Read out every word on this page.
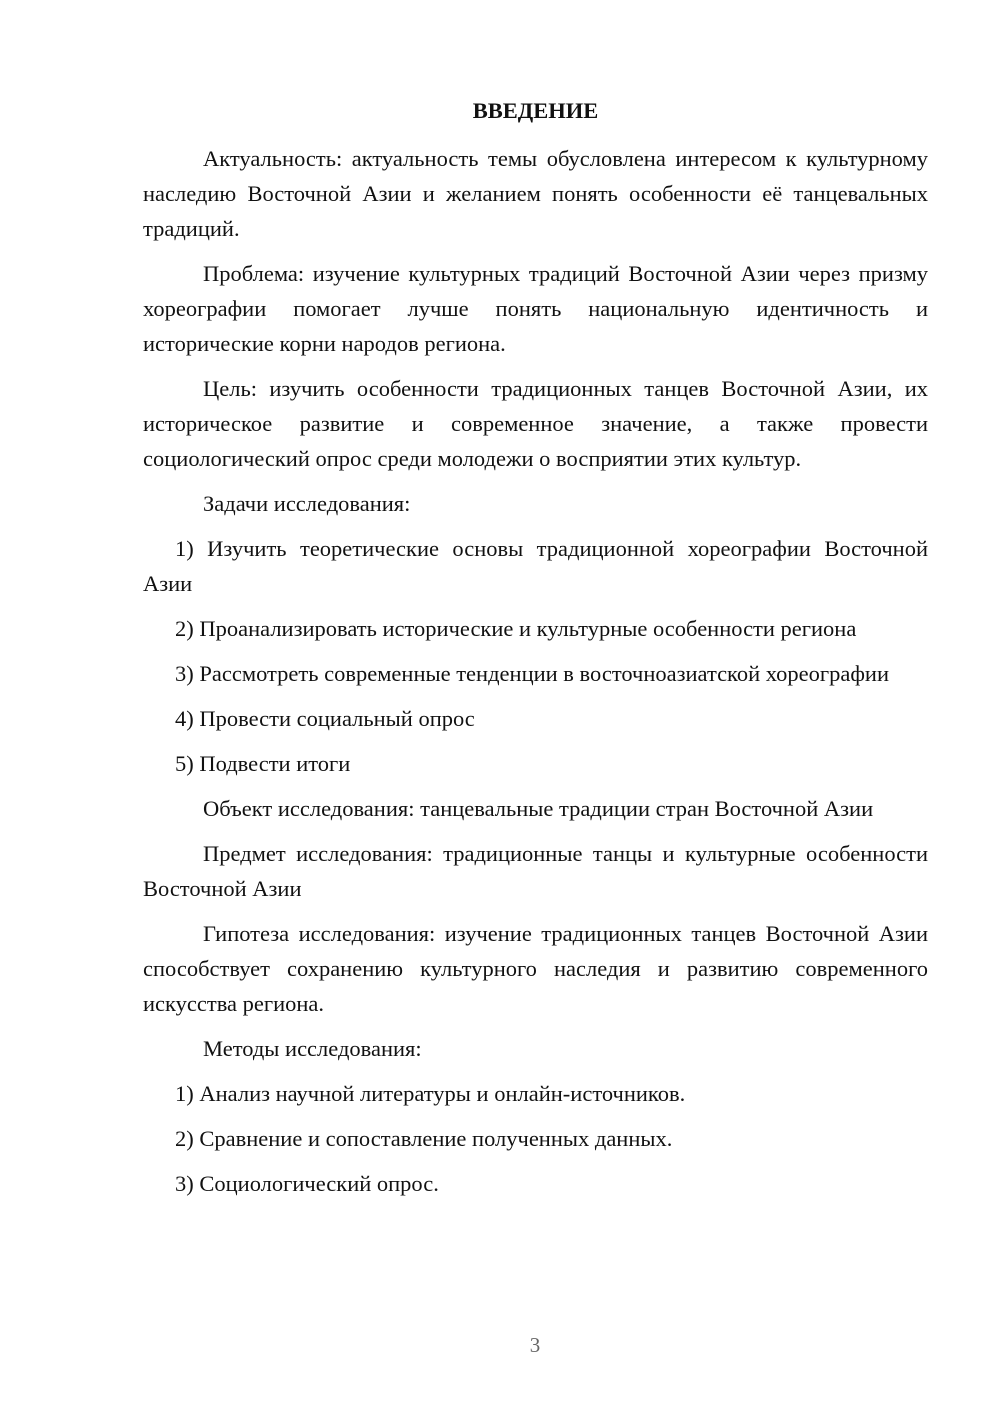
ВВЕДЕНИЕ

Актуальность: актуальность темы обусловлена интересом к культурному наследию Восточной Азии и желанием понять особенности её танцевальных традиций.

Проблема: изучение культурных традиций Восточной Азии через призму хореографии помогает лучше понять национальную идентичность и исторические корни народов региона.

Цель: изучить особенности традиционных танцев Восточной Азии, их историческое развитие и современное значение, а также провести социологический опрос среди молодежи о восприятии этих культур.

Задачи исследования:

1) Изучить теоретические основы традиционной хореографии Восточной Азии

2) Проанализировать исторические и культурные особенности региона

3) Рассмотреть современные тенденции в восточноазиатской хореографии

4) Провести социальный опрос

5) Подвести итоги

Объект исследования: танцевальные традиции стран Восточной Азии

Предмет исследования: традиционные танцы и культурные особенности Восточной Азии

Гипотеза исследования: изучение традиционных танцев Восточной Азии способствует сохранению культурного наследия и развитию современного искусства региона.

Методы исследования:

1) Анализ научной литературы и онлайн-источников.

2) Сравнение и сопоставление полученных данных.

3) Социологический опрос.

3
